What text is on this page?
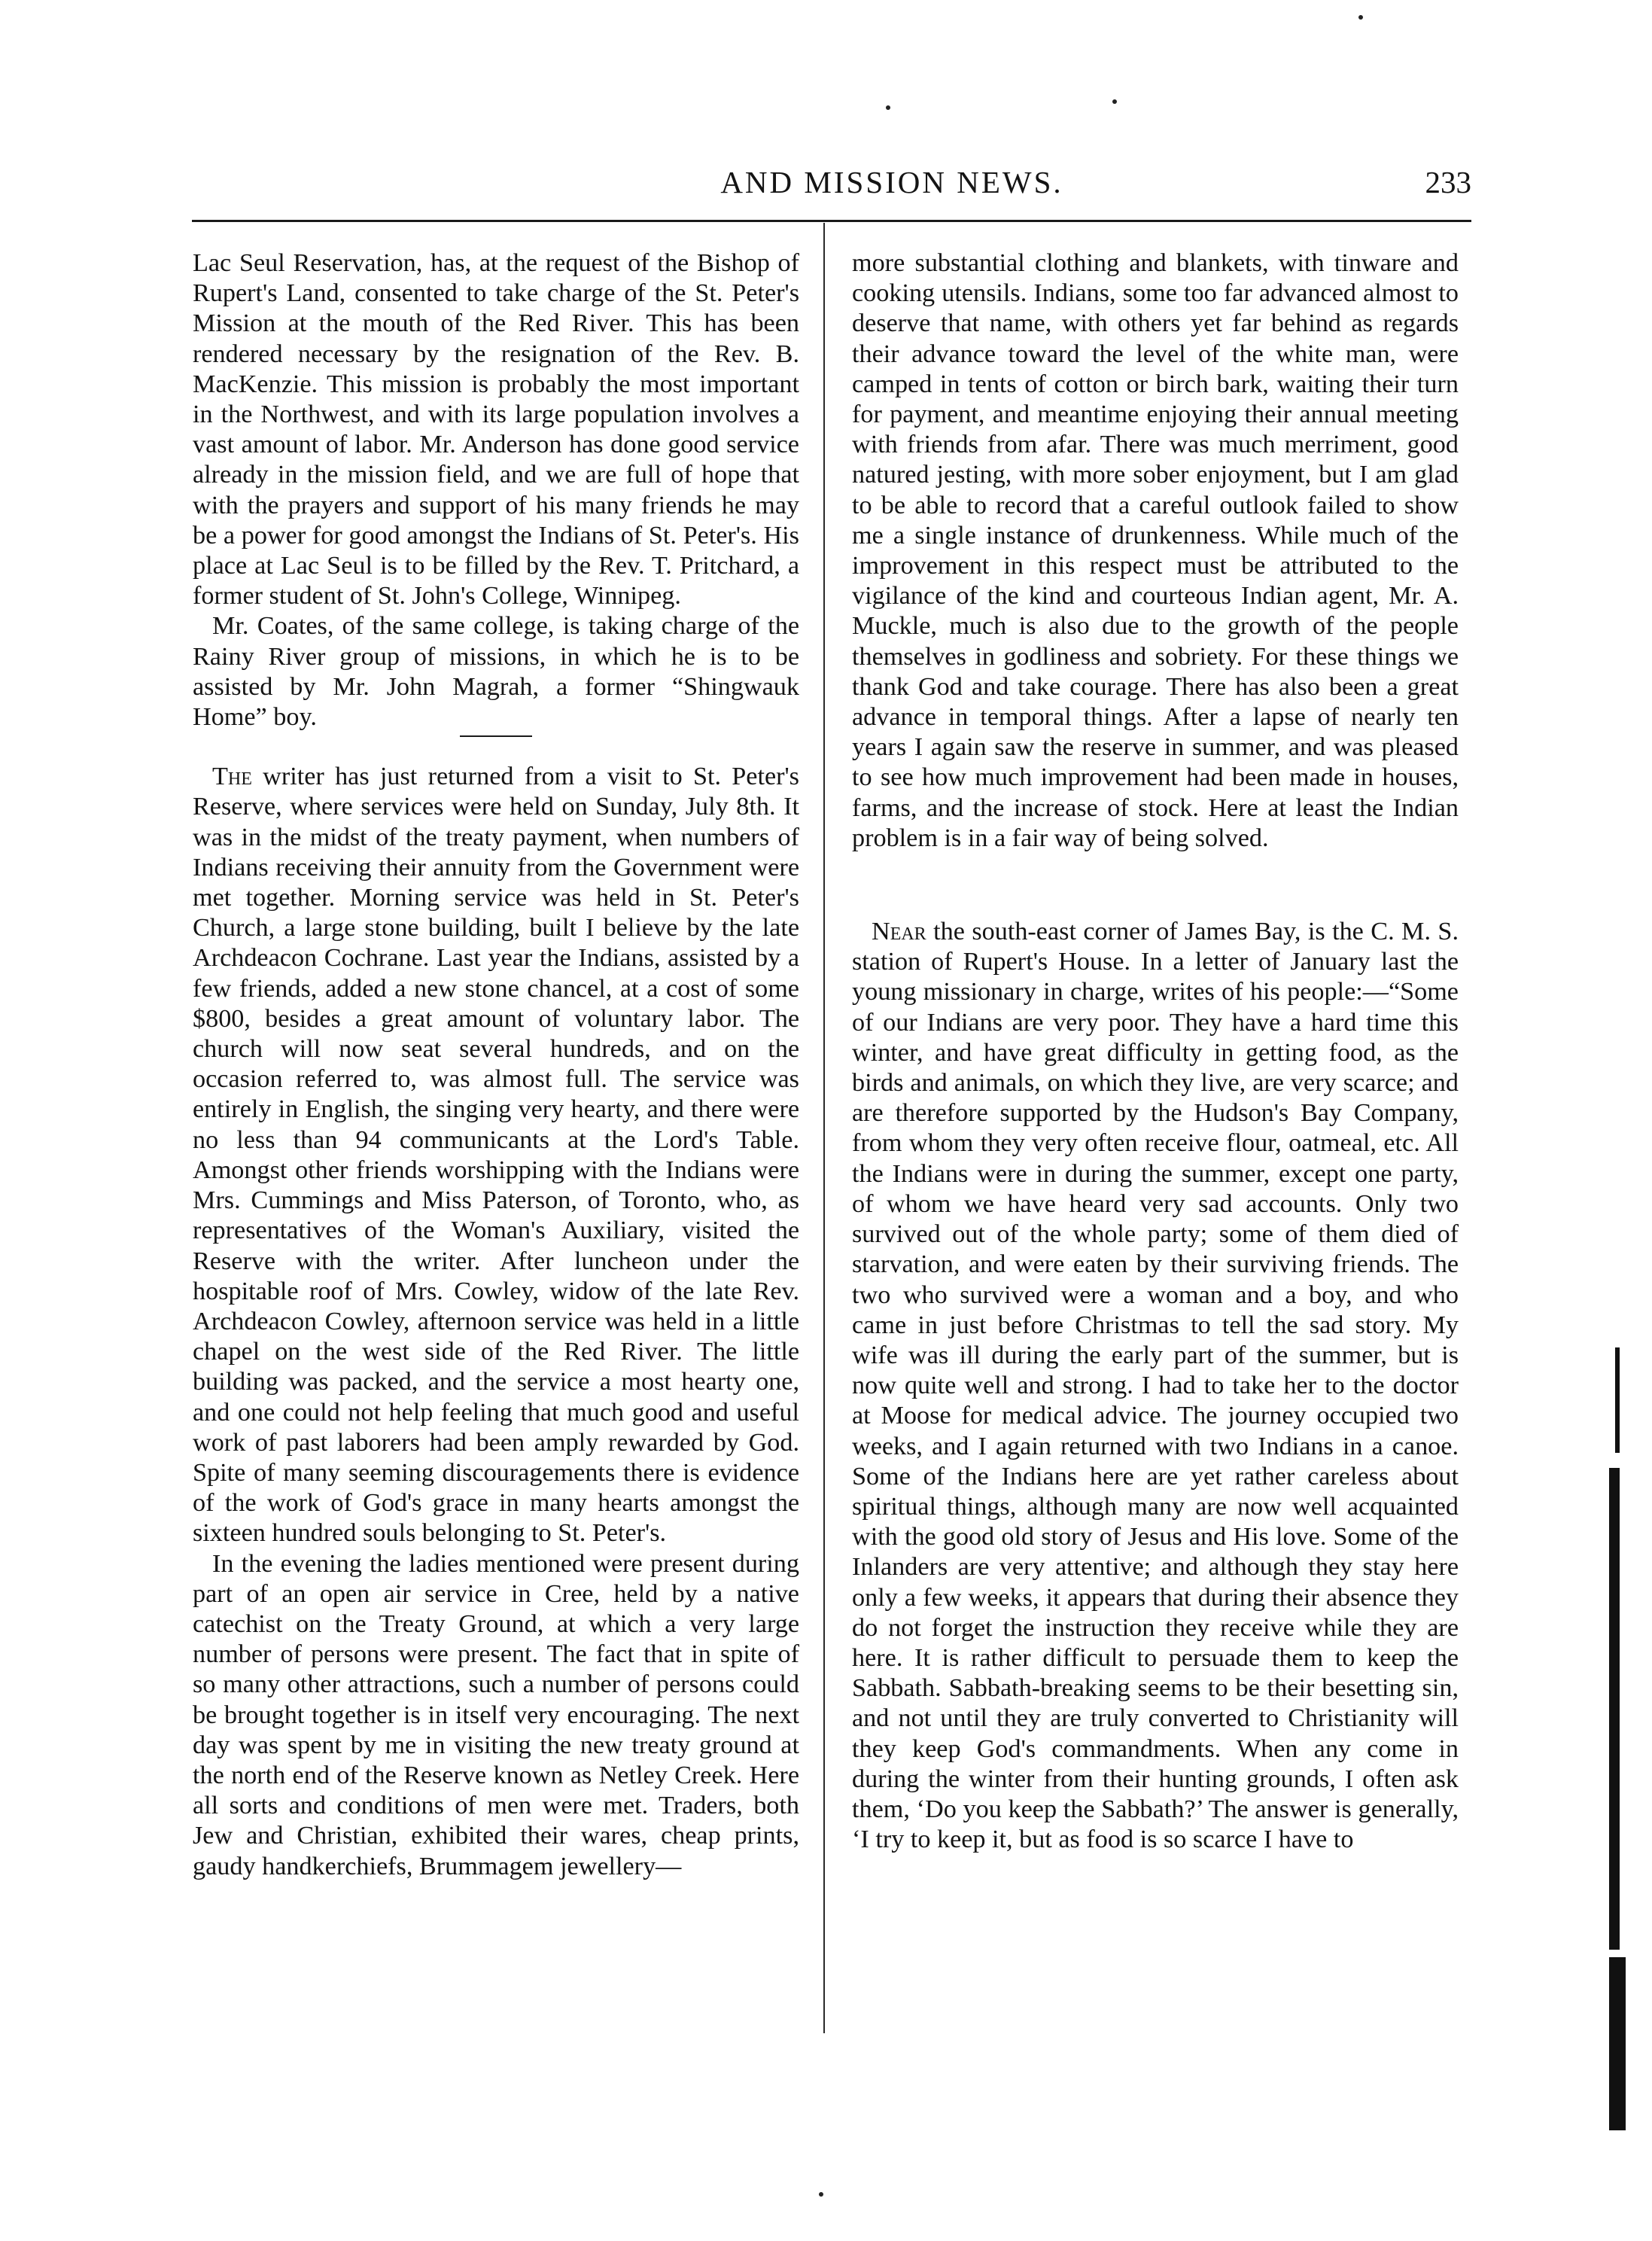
AND MISSION NEWS.	233

Lac Seul Reservation, has, at the request of the Bishop of Rupert's Land, consented to take charge of the St. Peter's Mission at the mouth of the Red River. This has been rendered necessary by the resignation of the Rev. B. MacKenzie. This mission is probably the most important in the Northwest, and with its large population involves a vast amount of labor. Mr. Anderson has done good service already in the mission field, and we are full of hope that with the prayers and support of his many friends he may be a power for good amongst the Indians of St. Peter's. His place at Lac Seul is to be filled by the Rev. T. Pritchard, a former student of St. John's College, Winnipeg.

Mr. Coates, of the same college, is taking charge of the Rainy River group of missions, in which he is to be assisted by Mr. John Magrah, a former “Shingwauk Home” boy.

The writer has just returned from a visit to St. Peter's Reserve, where services were held on Sunday, July 8th. It was in the midst of the treaty payment, when numbers of Indians receiving their annuity from the Government were met together. Morning service was held in St. Peter's Church, a large stone building, built I believe by the late Archdeacon Cochrane. Last year the Indians, assisted by a few friends, added a new stone chancel, at a cost of some $800, besides a great amount of voluntary labor. The church will now seat several hundreds, and on the occasion referred to, was almost full. The service was entirely in English, the singing very hearty, and there were no less than 94 communicants at the Lord's Table. Amongst other friends worshipping with the Indians were Mrs. Cummings and Miss Paterson, of Toronto, who, as representatives of the Woman's Auxiliary, visited the Reserve with the writer. After luncheon under the hospitable roof of Mrs. Cowley, widow of the late Rev. Archdeacon Cowley, afternoon service was held in a little chapel on the west side of the Red River. The little building was packed, and the service a most hearty one, and one could not help feeling that much good and useful work of past laborers had been amply rewarded by God. Spite of many seeming discouragements there is evidence of the work of God's grace in many hearts amongst the sixteen hundred souls belonging to St. Peter's.

In the evening the ladies mentioned were present during part of an open air service in Cree, held by a native catechist on the Treaty Ground, at which a very large number of persons were present. The fact that in spite of so many other attractions, such a number of persons could be brought together is in itself very encouraging. The next day was spent by me in visiting the new treaty ground at the north end of the Reserve known as Netley Creek. Here all sorts and conditions of men were met. Traders, both Jew and Christian, exhibited their wares, cheap prints, gaudy handkerchiefs, Brummagem jewellery—

more substantial clothing and blankets, with tinware and cooking utensils. Indians, some too far advanced almost to deserve that name, with others yet far behind as regards their advance toward the level of the white man, were camped in tents of cotton or birch bark, waiting their turn for payment, and meantime enjoying their annual meeting with friends from afar. There was much merriment, good natured jesting, with more sober enjoyment, but I am glad to be able to record that a careful outlook failed to show me a single instance of drunkenness. While much of the improvement in this respect must be attributed to the vigilance of the kind and courteous Indian agent, Mr. A. Muckle, much is also due to the growth of the people themselves in godliness and sobriety. For these things we thank God and take courage. There has also been a great advance in temporal things. After a lapse of nearly ten years I again saw the reserve in summer, and was pleased to see how much improvement had been made in houses, farms, and the increase of stock. Here at least the Indian problem is in a fair way of being solved.

Near the south-east corner of James Bay, is the C. M. S. station of Rupert's House. In a letter of January last the young missionary in charge, writes of his people:—“Some of our Indians are very poor. They have a hard time this winter, and have great difficulty in getting food, as the birds and animals, on which they live, are very scarce; and are therefore supported by the Hudson's Bay Company, from whom they very often receive flour, oatmeal, etc. All the Indians were in during the summer, except one party, of whom we have heard very sad accounts. Only two survived out of the whole party; some of them died of starvation, and were eaten by their surviving friends. The two who survived were a woman and a boy, and who came in just before Christmas to tell the sad story. My wife was ill during the early part of the summer, but is now quite well and strong. I had to take her to the doctor at Moose for medical advice. The journey occupied two weeks, and I again returned with two Indians in a canoe. Some of the Indians here are yet rather careless about spiritual things, although many are now well acquainted with the good old story of Jesus and His love. Some of the Inlanders are very attentive; and although they stay here only a few weeks, it appears that during their absence they do not forget the instruction they receive while they are here. It is rather difficult to persuade them to keep the Sabbath. Sabbath-breaking seems to be their besetting sin, and not until they are truly converted to Christianity will they keep God's commandments. When any come in during the winter from their hunting grounds, I often ask them, ‘Do you keep the Sabbath?’ The answer is generally, ‘I try to keep it, but as food is so scarce I have to
